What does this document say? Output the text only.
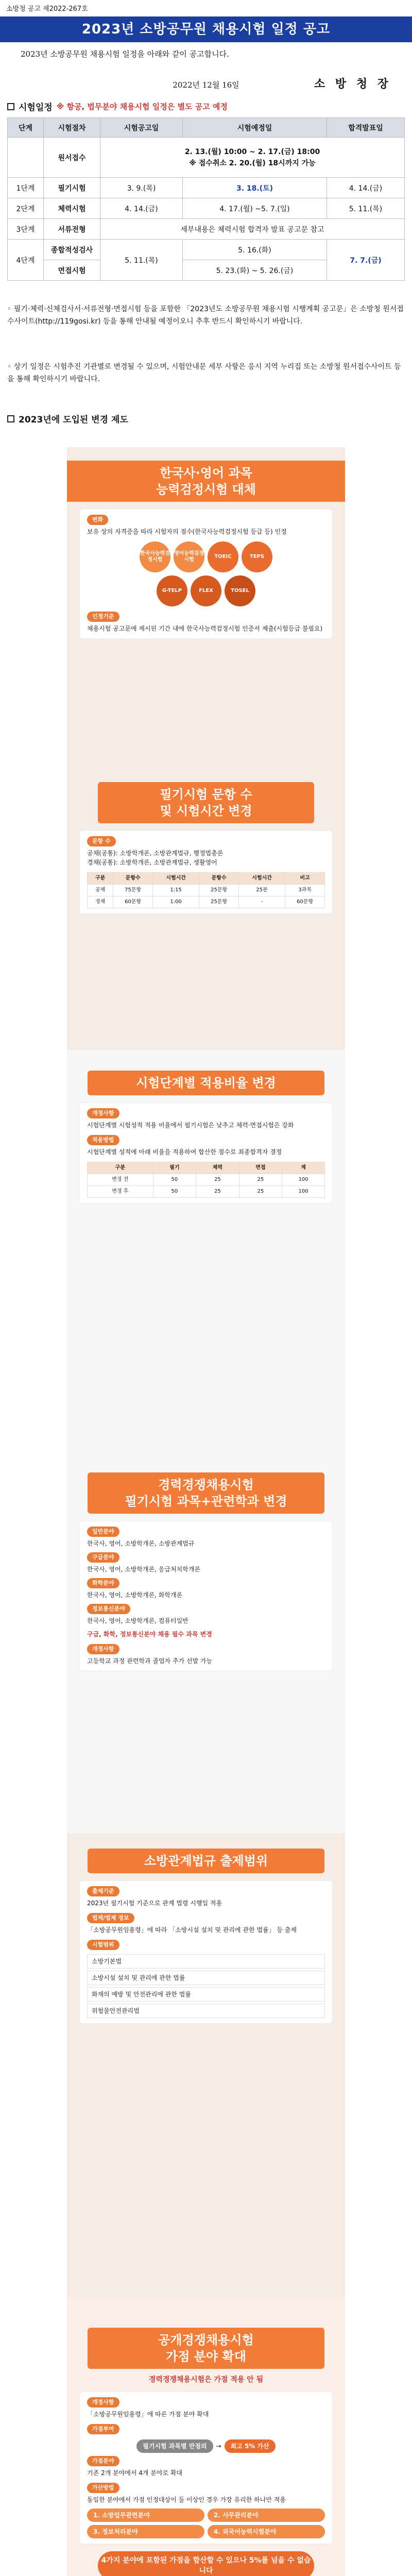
소방청 공고 제2022-267호
2023년 소방공무원 채용시험 일정 공고

2023년 소방공무원 채용시험 일정을 아래와 같이 공고합니다.

2022년 12월 16일	소 방 청 장
시험일정 ※ 항공, 법무분야 채용시험 일정은 별도 공고 예정
단계	시험절차	시험공고일	시험예정일	합격발표일
	원서접수	2. 13.(월) 10:00 ~ 2. 17.(금) 18:00
※ 접수취소 2. 20.(월) 18시까지 가능		
1단계	필기시험	3. 9.(목)	3. 18.(토)	4. 14.(금)
2단계	체력시험	4. 14.(금)	4. 17.(월) ~5. 7.(일)	5. 11.(목)
3단계	서류전형	세부내용은 체력시험 합격자 발표 공고문 참고		
4단계	종합적성검사	5. 11.(목)	5. 16.(화)	7. 7.(금)
	면접시험		5. 23.(화) ~ 5. 26.(금)	
◦ 필기·체력·신체검사서·서류전형·면접시험 등을 포함한 「2023년도 소방공무원 채용시험 시행계획 공고문」은 소방청 원서접수사이트(http://119gosi.kr) 등을 통해 안내될 예정이오니 추후 반드시 확인하시기 바랍니다.
◦ 상기 일정은 시험추진 기관별로 변경될 수 있으며, 시험안내문 세부 사항은 응시 지역 누리집 또는 소방청 원서접수사이트 등을 통해 확인하시기 바랍니다.
2023년에 도입된 변경 제도
한국사·영어 과목
능력검정시험 대체
변화
보유 상의 자격증을 따라 시험자의 점수(한국사능력검정시험 등급 등) 인정
한국사능력검정시험
영어능력검정시험
TOEIC	TEPS
G-TELP	FLEX	TOSEL
인정기준
채용시험 공고문에 제시된 기간 내에 한국사능력검정시험 인증서 제출(시험등급 불필요)
필기시험 문항 수
및 시험시간 변경
문항 수
공채(공통): 소방학개론, 소방관계법규, 행정법총론
경채(공통): 소방학개론, 소방관계법규, 생활영어
구분	문항수	시험시간	문항수	시험시간	비고
공채	75문항	1:15	25문항	25분	3과목
경채	60문항	1:00	25문항	-	60문항
시험단계별 적용비율 변경
개정사항
시험단계별 시험성적 적용 비율에서 필기시험은 낮추고 체력·면접시험은 강화
적용방법
시험단계별 성적에 아래 비율을 적용하여 합산한 점수로 최종합격자 결정
구분	필기	체력	면접	계
변경 전	50	25	25	100
변경 후	50	25	25	100
경력경쟁채용시험
필기시험 과목+관련학과 변경
일반분야
한국사, 영어, 소방학개론, 소방관계법규
구급분야
한국사, 영어, 소방학개론, 응급처치학개론
화학분야
한국사, 영어, 소방학개론, 화학개론
정보통신분야
한국사, 영어, 소방학개론, 컴퓨터일반
구급, 화학, 정보통신분야 채용 필수 과목 변경
개정사항
고등학교 과정 관련학과 졸업자 추가 선발 가능
소방관계법규 출제범위
출제기준
2023년 필기시험 기준으로 관계 법령 시행일 적용
법제/법제 정보
「소방공무원임용령」에 따라 「소방시설 설치 및 관리에 관한 법률」 등 출제
시험범위
소방기본법
소방시설 설치 및 관리에 관한 법률
화재의 예방 및 안전관리에 관한 법률
위험물안전관리법
공개경쟁채용시험
가점 분야 확대
경력경쟁채용시험은 가점 적용 안 됨
개정사항
「소방공무원임용령」에 따른 가점 분야 확대
가점부여
필기시험 과목별 만점의	→	최고 5% 가산
가점분야
기존 2개 분야에서 4개 분야로 확대
가산방법
동일한 분야에서 가점 인정대상이 둘 이상인 경우 가장 유리한 하나만 적용
1. 소방업무관련분야	2. 사무관리분야
3. 정보처리분야	4. 외국어능력시험분야
4가지 분야에 포함된 가점을 합산할 수 있으나 5%를 넘을 수 없습니다
